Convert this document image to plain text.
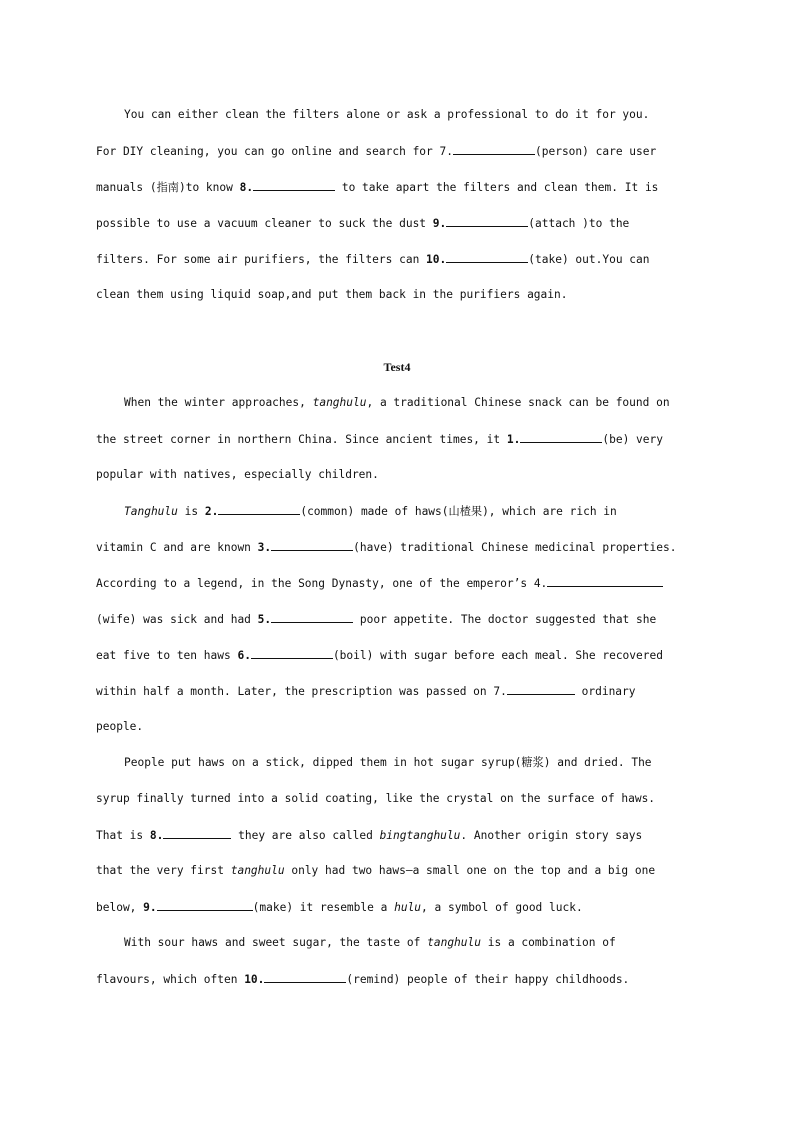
You can either clean the filters alone or ask a professional to do it for you.
For DIY cleaning, you can go online and search for 7.	(person) care user
manuals (指南)to know 8.	to take apart the filters and clean them. It is
possible to use a vacuum cleaner to suck the dust 9.	(attach )to the
filters. For some air purifiers, the filters can 10.	(take) out.You can
clean them using liquid soap,and put them back in the purifiers again.
Test4
When the winter approaches, tanghulu, a traditional Chinese snack can be found on
the street corner in northern China. Since ancient times, it 1.	(be) very
popular with natives, especially children.
Tanghulu is 2.	(common) made of haws(山楂果), which are rich in
vitamin C and are known 3.	(have) traditional Chinese medicinal properties.
According to a legend, in the Song Dynasty, one of the emperor’s 4.
(wife) was sick and had 5.	poor appetite. The doctor suggested that she
eat five to ten haws 6.	(boil) with sugar before each meal. She recovered
within half a month. Later, the prescription was passed on 7.	ordinary
people.
People put haws on a stick, dipped them in hot sugar syrup(糖浆) and dried. The
syrup finally turned into a solid coating, like the crystal on the surface of haws.
That is 8.	they are also called bingtanghulu. Another origin story says
that the very first tanghulu only had two haws—a small one on the top and a big one
below, 9.	(make) it resemble a hulu, a symbol of good luck.
With sour haws and sweet sugar, the taste of tanghulu is a combination of
flavours, which often 10.	(remind) people of their happy childhoods.
